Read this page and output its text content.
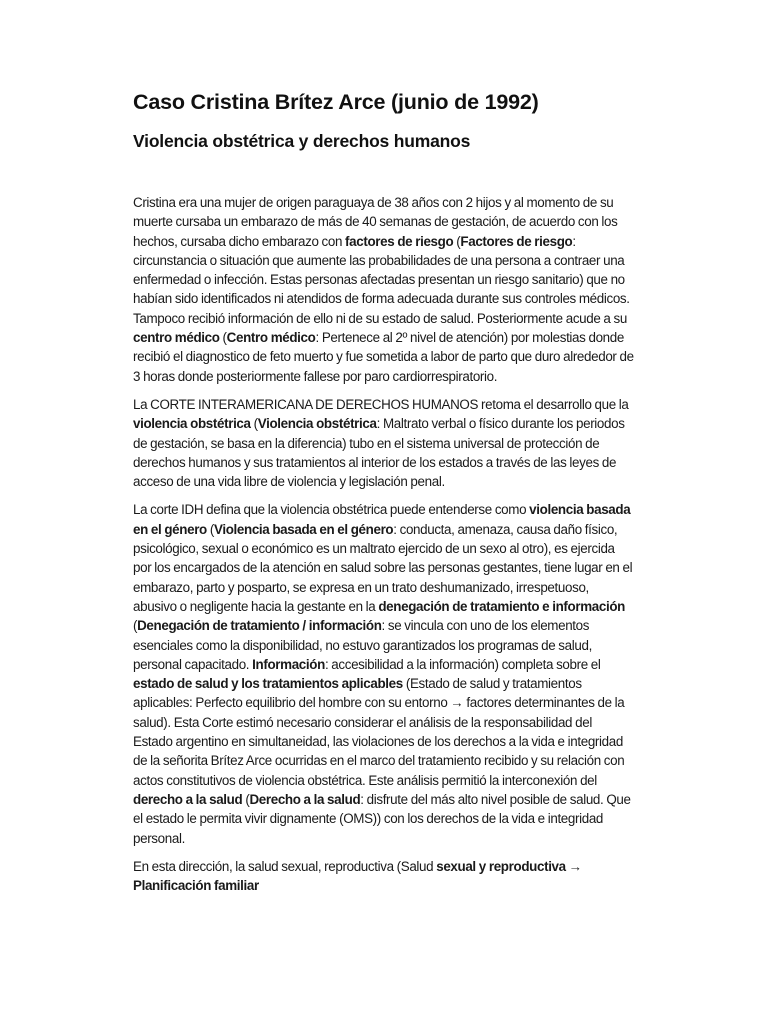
Caso Cristina Brítez Arce (junio de 1992)
Violencia obstétrica y derechos humanos

Cristina era una mujer de origen paraguaya de 38 años con 2 hijos y al momento de su muerte cursaba un embarazo de más de 40 semanas de gestación, de acuerdo con los hechos, cursaba dicho embarazo con factores de riesgo (Factores de riesgo: circunstancia o situación que aumente las probabilidades de una persona a contraer una enfermedad o infección. Estas personas afectadas presentan un riesgo sanitario) que no habían sido identificados ni atendidos de forma adecuada durante sus controles médicos. Tampoco recibió información de ello ni de su estado de salud. Posteriormente acude a su centro médico (Centro médico: Pertenece al 2º nivel de atención) por molestias donde recibió el diagnostico de feto muerto y fue sometida a labor de parto que duro alrededor de 3 horas donde posteriormente fallese por paro cardiorrespiratorio.

La CORTE INTERAMERICANA DE DERECHOS HUMANOS retoma el desarrollo que la violencia obstétrica (Violencia obstétrica: Maltrato verbal o físico durante los periodos de gestación, se basa en la diferencia) tubo en el sistema universal de protección de derechos humanos y sus tratamientos al interior de los estados a través de las leyes de acceso de una vida libre de violencia y legislación penal.

La corte IDH defina que la violencia obstétrica puede entenderse como violencia basada en el género (Violencia basada en el género: conducta, amenaza, causa daño físico, psicológico, sexual o económico es un maltrato ejercido de un sexo al otro), es ejercida por los encargados de la atención en salud sobre las personas gestantes, tiene lugar en el embarazo, parto y posparto, se expresa en un trato deshumanizado, irrespetuoso, abusivo o negligente hacia la gestante en la denegación de tratamiento e información (Denegación de tratamiento / información: se vincula con uno de los elementos esenciales como la disponibilidad, no estuvo garantizados los programas de salud, personal capacitado. Información: accesibilidad a la información) completa sobre el estado de salud y los tratamientos aplicables (Estado de salud y tratamientos aplicables: Perfecto equilibrio del hombre con su entorno → factores determinantes de la salud). Esta Corte estimó necesario considerar el análisis de la responsabilidad del Estado argentino en simultaneidad, las violaciones de los derechos a la vida e integridad de la señorita Brítez Arce ocurridas en el marco del tratamiento recibido y su relación con actos constitutivos de violencia obstétrica. Este análisis permitió la interconexión del derecho a la salud (Derecho a la salud: disfrute del más alto nivel posible de salud. Que el estado le permita vivir dignamente (OMS)) con los derechos de la vida e integridad personal.

En esta dirección, la salud sexual, reproductiva (Salud sexual y reproductiva → Planificación familiar
